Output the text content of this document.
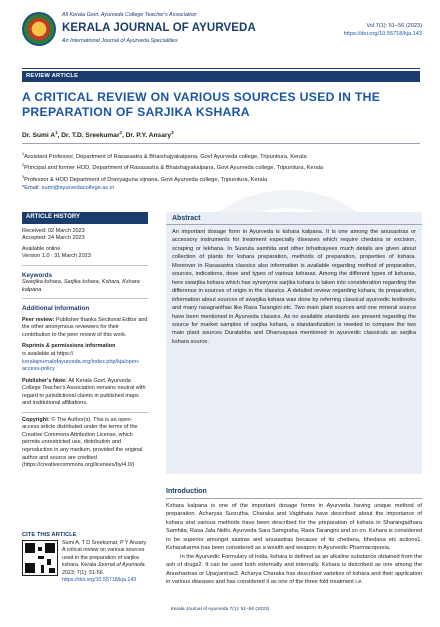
All Kerala Govt. Ayurveda College Teacher's Association
KERALA JOURNAL OF AYURVEDA
An International Journal of Ayurveda Specialities
Vol 7(1): 51–56 (2023)
https://doi.org/10.55718/kja.143
REVIEW ARTICLE
A CRITICAL REVIEW ON VARIOUS SOURCES USED IN THE PREPARATION OF SARJIKA KSHARA
Dr. Sumi $A^1$, Dr. T.D. Sreekumar$^2$, Dr. P.Y. Ansary$^3$
$^1$Assistant Professor, Department of Rasasastra & Bhaishajyakalpana, Govt Ayurveda college, Tripunitura, Kerala
$^2$Principal and former HOD, Department of Rasasastra & Bhaishajyakalpana, Govt Ayurveda college, Tripunitura, Kerala
$^3$Professor & HOD Department of Dravyaguna vijnana, Govt Ayurveda college, Tripunitura, Kerala
*Email: sumi@ayurvedacollege.ac.in
ARTICLE HISTORY
Received: 02 March 2023
Accepted: 24 March 2023
Available online
Version 1.0 : 31 March 2023
Keywords
Swarjika kshara, Sarjika kshara, Kshara, Kshara kalpana
Additional information
Peer review: Publisher thanks Sectional Editor and the other anonymous reviewers for their contribution to the peer review of this work.
Reprints & permissions information
is available at https:// keralajournalofayurveda.org/index.php/kja/open-access-policy
Publisher's Note: All Kerala Govt. Ayurveda College Teacher's Association remains neutral with regard to jurisdictional claims in published maps and institutional affiliations.
Copyright: © The Author(s). This is an open-access article distributed under the terms of the Creative Commons Attribution License, which permits unrestricted use, distribution and reproduction in any medium, provided the original author and source are credited (https://creativecommons.org/licenses/by/4.0/)
Abstract
An important dosage form in Ayurveda is kshara kalpana. It is one among the anusastras or accessory instruments for treatment especially diseases which require chedana or excision, scraping or lekhana. In Susruta samhita and other brhattrayees much details are given about collection of plants for kshara preparation, methods of preparation, properties of kshara. Moreover in Rasasastra classics also information is available regarding method of preparation, sources, indications, dose and types of various ksharas. Among the different types of ksharas, here swarjika kshara which has synonyms sarjika kshara is taken into consideration regarding the difference in sources of origin in the classics. A detailed review regarding kshara, its preparation, information about sources of swarjika kshara was done by referring classical ayurvedic textbooks and many rasagranthas like Rasa Tarangini etc. Two main plant sources and one mineral source have been mentioned in Ayurveda classics. As no available standards are present regarding the source for market samples of sarjika kshara, a standardization is needed to compare the two main plant sources Duralabha and Dhanvayasa mentioned in ayurvedic classicals as sarjika kshara source.
Introduction

Kshara kalpana is one of the important dosage forms in Ayurveda having unique method of preparation. Acharyas Susrutha, Charaka and Vagbhata have described about the importance of kshara and various methods have been described for the preparation of kshara in Sharangadhara Samhita, Rasa Jala Nidhi, Ayurveda Sara Samgraha, Rasa Tarangini and so on. Kshara is considered to be superior amongst sastras and anusastras because of its chedana, bhedana etc actions1. Ksharakarma has been considered as a wealth and weapon in Ayurvedic Pharmacopoeia.

In the Ayurvedic Formulary of India, kshara is defined as an alkaline substance obtained from the ash of drugs2. It can be used both externally and internally. Kshara is described as one among the Anushastras or Upayantras3. Acharya Charaka has described varieties of kshara and their application in various diseases and has considered it as one of the three fold treatment i.e.

CITE THIS ARTICLE
Sumi A, T D Sreekumar, P Y Ansary. A critical review on various sources used in the preparation of sarjika kshara. Kerala Journal of Ayurveda. 2023; 7(1): 51-56. https://doi.org/10.55718/kja.143
Kerala Journal of Ayurveda 7(1): 51–56 (2023)
